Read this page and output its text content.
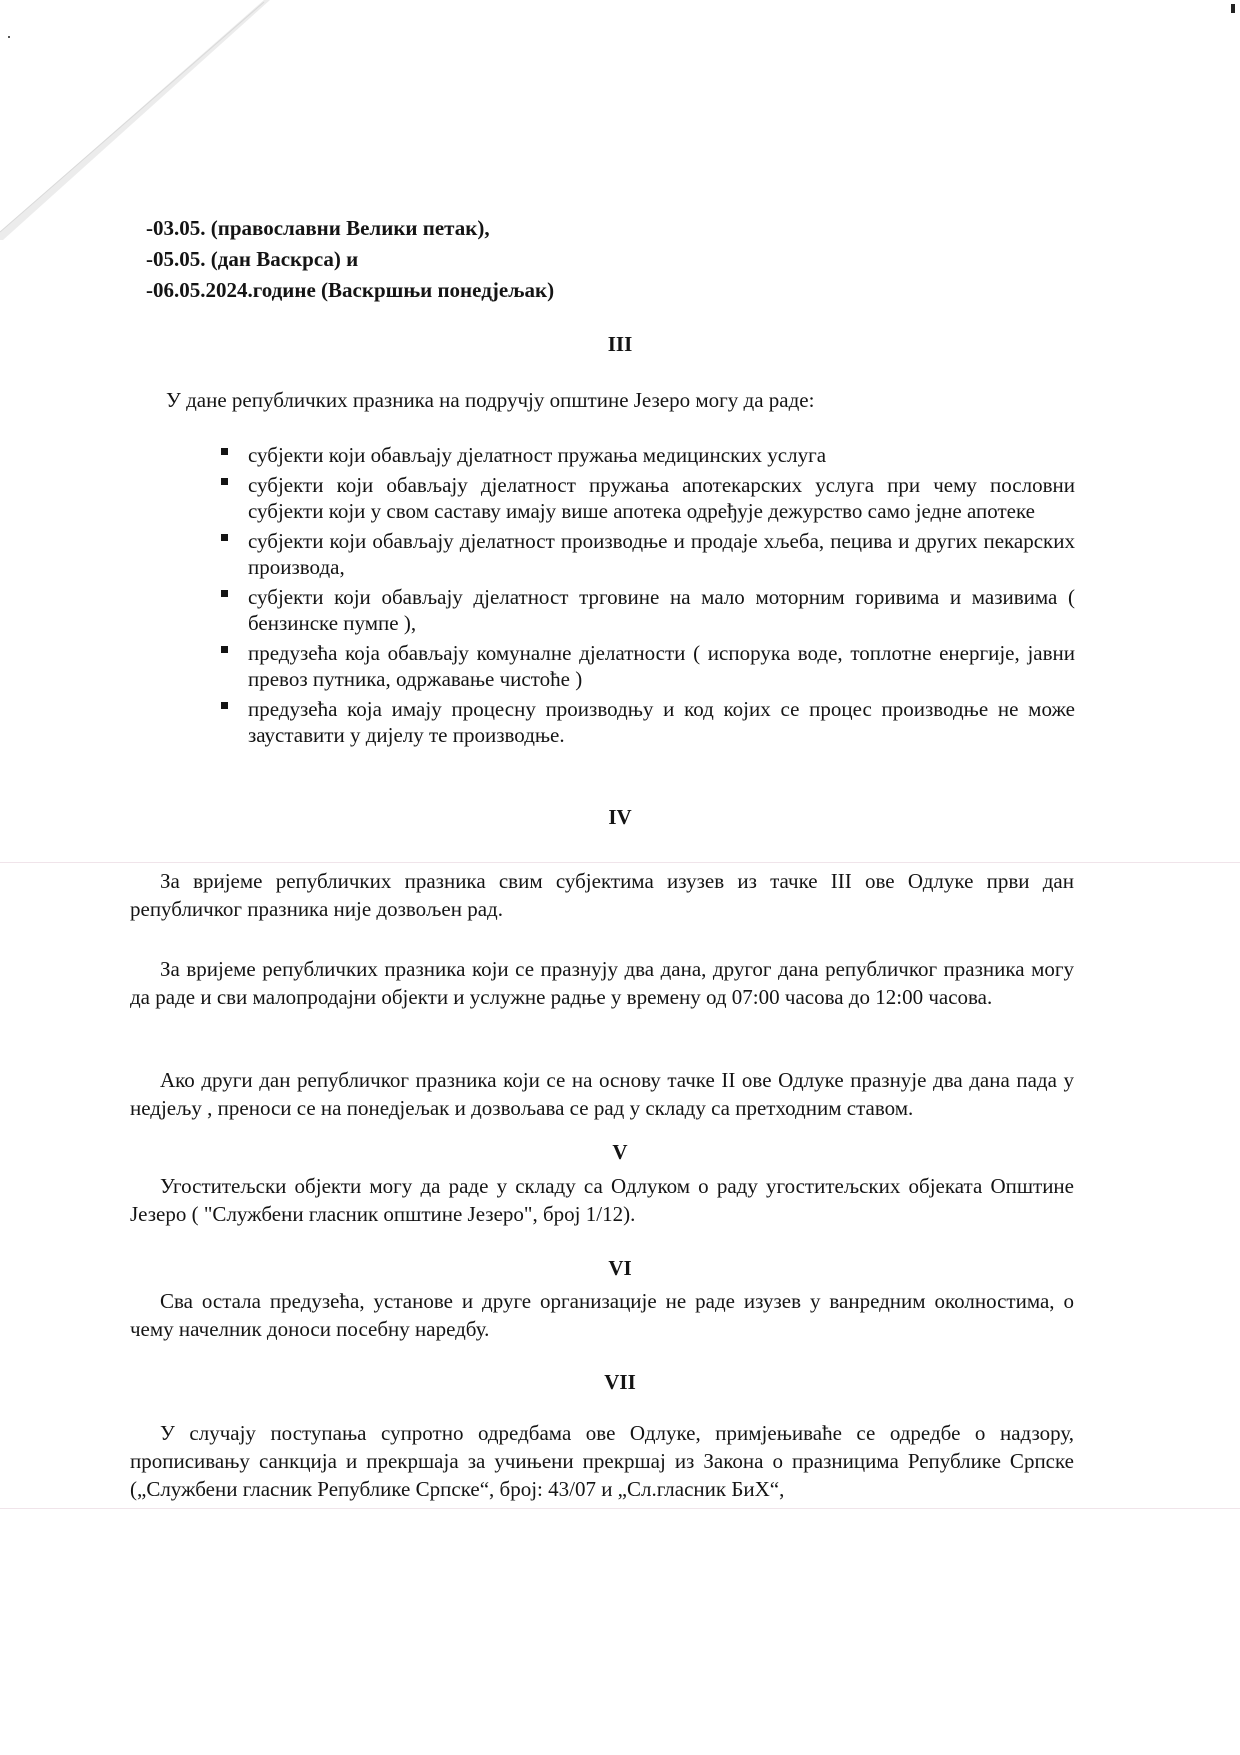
-03.05. (православни Велики петак),
-05.05. (дан Васкрса) и
-06.05.2024.године (Васкршњи понедјељак)
III
У дане републичких празника на подручју општине Језеро могу да раде:
субјекти који обављају дјелатност пружања медицинских услуга
субјекти који обављају дјелатност пружања апотекарских услуга при чему пословни субјекти који у свом саставу имају више апотека одређује дежурство само једне апотеке
субјекти који обављају дјелатност производње и продаје хљеба, пецива и других пекарских производа,
субјекти који обављају дјелатност трговине на мало моторним горивима и мазивима ( бензинске пумпе ),
предузећа која обављају комуналне дјелатности ( испорука воде, топлотне енергије, јавни превоз путника, одржавање чистоће )
предузећа која имају процесну производњу и код којих се процес производње не може зауставити у дијелу те производње.
IV
За вријеме републичких празника свим субјектима изузев из тачке III ове Одлуке први дан републичког празника није дозвољен рад.
За вријеме републичких празника који се празнују два дана, другог дана републичког празника могу да раде и сви малопродајни објекти и услужне радње у времену од 07:00 часова до 12:00 часова.
Ако други дан републичког празника који се на основу тачке II ове Одлуке празнује два дана пада у недјељу , преноси се на понедјељак и дозвољава се рад у складу са претходним ставом.
V
Угоститељски објекти могу да раде у складу са Одлуком о раду угоститељских објеката Општине Језеро ( "Службени гласник општине Језеро", број 1/12).
VI
Сва остала предузећа, установе и друге организације не раде изузев у ванредним околностима, о чему начелник доноси посебну наредбу.
VII
У случају поступања супротно одредбама ове Одлуке, примјењиваће се одредбе о надзору, прописивању санкција и прекршаја за учињени прекршај из Закона о празницима Републике Српске („Службени гласник Републике Српске“, број: 43/07 и „Сл.гласник БиХ“,
